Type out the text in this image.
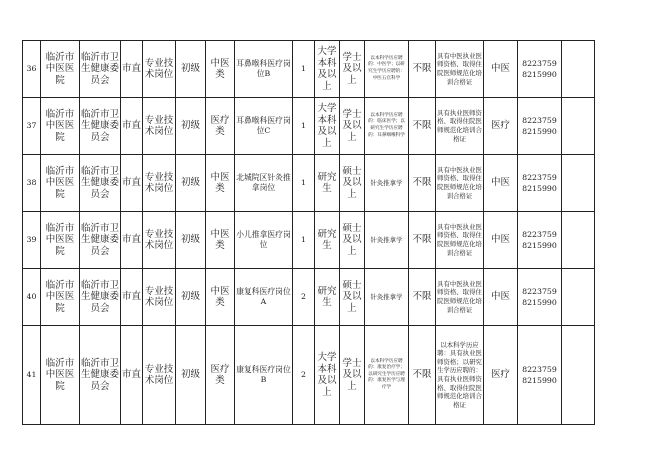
36	临沂市中医医院	临沂市卫生健康委员会	市直	专业技术岗位	初级	中医类	耳鼻喉科医疗岗位B	1	大学本科及以上	学士及以上	以本科学历应聘的：中医学；以研究生学历应聘的：中医五官科学	不限	具有中医执业医师资格、取得住院医师规范化培训合格证	中医	8223759 8215990	
37	临沂市中医医院	临沂市卫生健康委员会	市直	专业技术岗位	初级	医疗类	耳鼻喉科医疗岗位C	1	大学本科及以上	学士及以上	以本科学历应聘的：临床医学；以研究生学历应聘的：耳鼻咽喉科学	不限	具有执业医师资格、取得住院医师规范化培训合格证	医疗	8223759 8215990	
38	临沂市中医医院	临沂市卫生健康委员会	市直	专业技术岗位	初级	中医类	北城院区针灸推拿岗位	1	研究生	硕士及以上	针灸推拿学	不限	具有中医执业医师资格、取得住院医师规范化培训合格证	中医	8223759 8215990	
39	临沂市中医医院	临沂市卫生健康委员会	市直	专业技术岗位	初级	中医类	小儿推拿医疗岗位	1	研究生	硕士及以上	针灸推拿学	不限	具有中医执业医师资格、取得住院医师规范化培训合格证	中医	8223759 8215990	
40	临沂市中医医院	临沂市卫生健康委员会	市直	专业技术岗位	初级	中医类	康复科医疗岗位A	2	研究生	硕士及以上	针灸推拿学	不限	具有中医执业医师资格、取得住院医师规范化培训合格证	中医	8223759 8215990	
41	临沂市中医医院	临沂市卫生健康委员会	市直	专业技术岗位	初级	医疗类	康复科医疗岗位B	2	大学本科及以上	学士及以上	以本科学历应聘的：康复治疗学；以研究生学历应聘的：康复医学与理疗学	不限	以本科学历应聘：具有执业医师资格；以研究生学历应聘的：具有执业医师资格、取得住院医师规范化培训合格证	医疗	8223759 8215990	
